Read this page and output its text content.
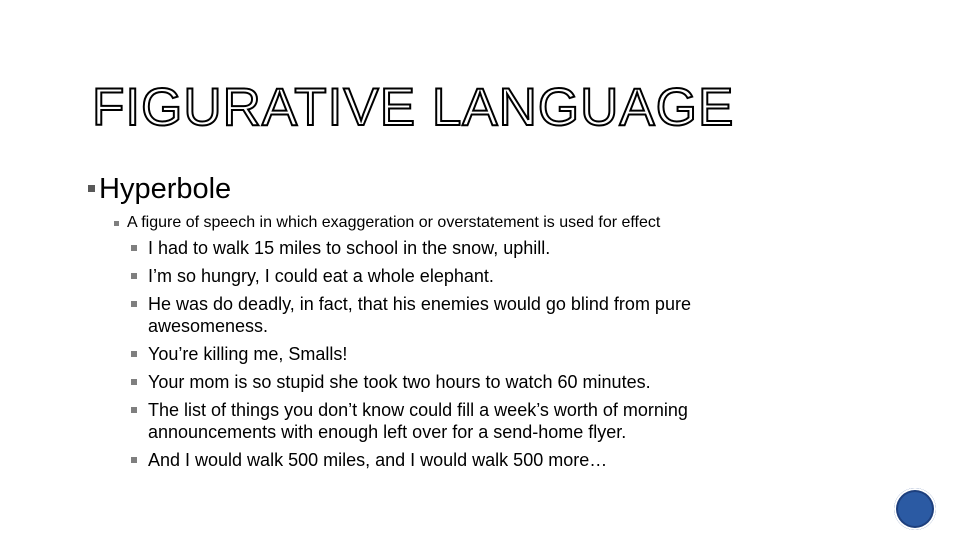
FIGURATIVE LANGUAGE
Hyperbole
A figure of speech in which exaggeration or overstatement is used for effect
I had to walk 15 miles to school in the snow, uphill.
I’m so hungry, I could eat a whole elephant.
He was do deadly, in fact, that his enemies would go blind from pure awesomeness.
You’re killing me, Smalls!
Your mom is so stupid she took two hours to watch 60 minutes.
The list of things you don’t know could fill a week’s worth of morning announcements with enough left over for a send-home flyer.
And I would walk 500 miles, and I would walk 500 more…
